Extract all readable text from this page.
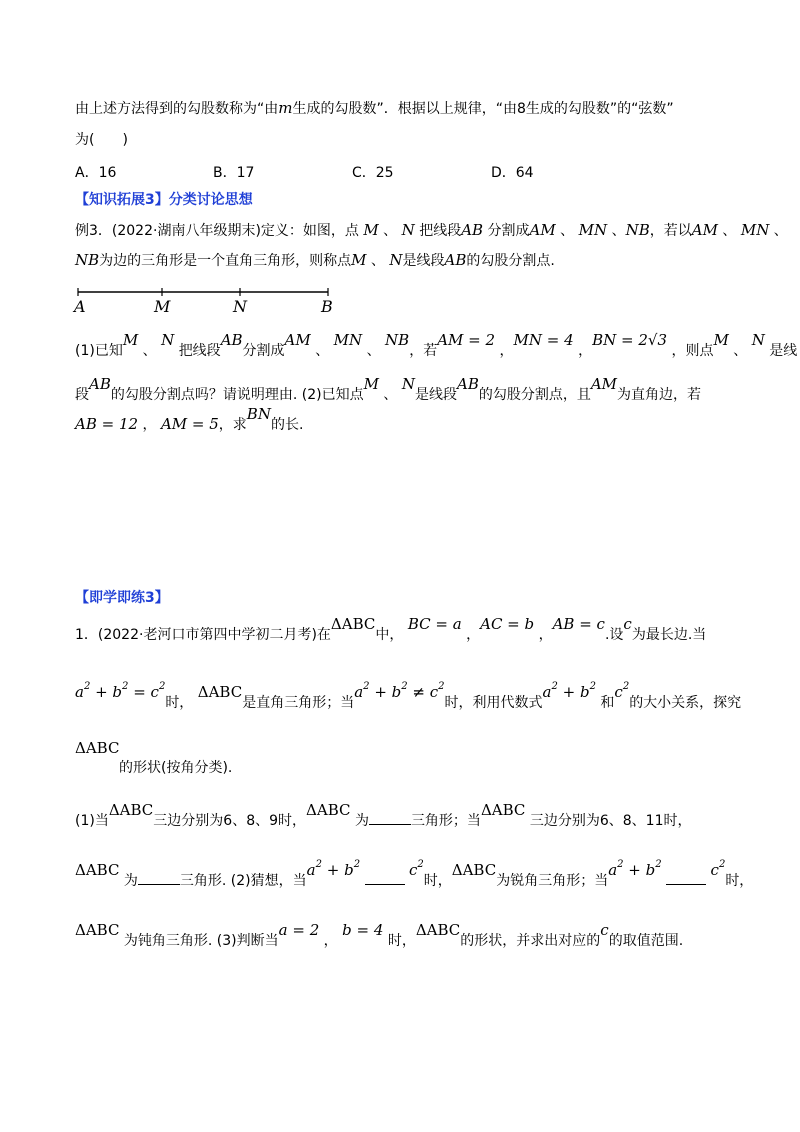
由上述方法得到的勾股数称为“由m生成的勾股数”．根据以上规律，“由8生成的勾股数”的“弦数”
为(　　)
A．16	B．17	C．25	D．64
【知识拓展3】分类讨论思想
例3．(2022·湖南八年级期末)定义：如图，点 M 、 N 把线段AB 分割成AM 、 MN 、NB，若以AM 、 MN 、
NB为边的三角形是一个直角三角形，则称点M 、 N是线段AB的勾股分割点.
A	M	N	B
(1)已知M 、 N 把线段AB分割成AM 、 MN 、 NB，若AM = 2 ，MN = 4 ，BN = 2√3 ，则点M 、 N 是线
段AB的勾股分割点吗？请说明理由. (2)已知点M 、 N是线段AB的勾股分割点，且AM为直角边，若
AB = 12 ， AM = 5，求BN的长.
【即学即练3】
1．(2022·老河口市第四中学初二月考)在ΔABC中， BC = a ，AC = b ，AB = c.设c为最长边.当
$a^2 + b^2 = c^2$时， ΔABC是直角三角形；当$a^2 + b^2 \ne c^2$时，利用代数式$a^2 + b^2$ 和$c^2$的大小关系，探究
ΔABC
的形状(按角分类).
(1)当ΔABC三边分别为6、8、9时，ΔABC 为	三角形；当ΔABC 三边分别为6、8、11时，
ΔABC 为	三角形. (2)猜想，当$a^2 + b^2$	$c^2$时，ΔABC为锐角三角形；当$a^2 + b^2$	$c^2$时，
ΔABC 为钝角三角形. (3)判断当a = 2 ， b = 4 时，ΔABC的形状，并求出对应的c的取值范围.
